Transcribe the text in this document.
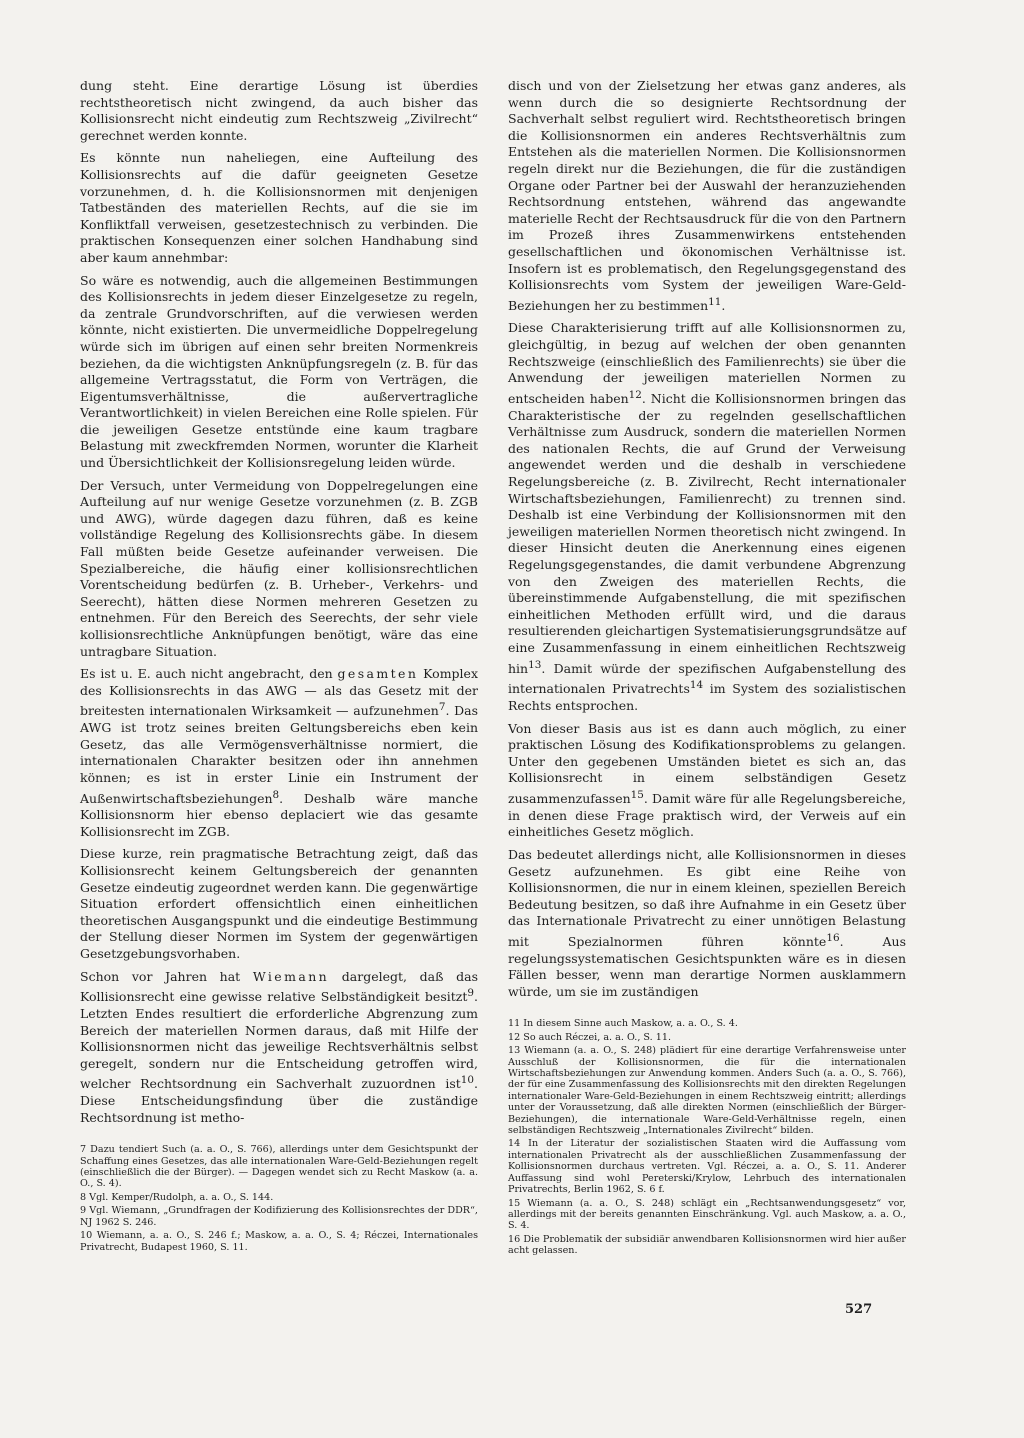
dung steht. Eine derartige Lösung ist überdies rechtstheoretisch nicht zwingend, da auch bisher das Kollisionsrecht nicht eindeutig zum Rechtszweig „Zivilrecht“ gerechnet werden konnte.

Es könnte nun naheliegen, eine Aufteilung des Kollisionsrechts auf die dafür geeigneten Gesetze vorzunehmen, d. h. die Kollisionsnormen mit denjenigen Tatbeständen des materiellen Rechts, auf die sie im Konfliktfall verweisen, gesetzestechnisch zu verbinden. Die praktischen Konsequenzen einer solchen Handhabung sind aber kaum annehmbar:

So wäre es notwendig, auch die allgemeinen Bestimmungen des Kollisionsrechts in jedem dieser Einzelgesetze zu regeln, da zentrale Grundvorschriften, auf die verwiesen werden könnte, nicht existierten. Die unvermeidliche Doppelregelung würde sich im übrigen auf einen sehr breiten Normenkreis beziehen, da die wichtigsten Anknüpfungsregeln (z. B. für das allgemeine Vertragsstatut, die Form von Verträgen, die Eigentumsverhältnisse, die außervertragliche Verantwortlichkeit) in vielen Bereichen eine Rolle spielen. Für die jeweiligen Gesetze entstünde eine kaum tragbare Belastung mit zweckfremden Normen, worunter die Klarheit und Übersichtlichkeit der Kollisionsregelung leiden würde.

Der Versuch, unter Vermeidung von Doppelregelungen eine Aufteilung auf nur wenige Gesetze vorzunehmen (z. B. ZGB und AWG), würde dagegen dazu führen, daß es keine vollständige Regelung des Kollisionsrechts gäbe. In diesem Fall müßten beide Gesetze aufeinander verweisen. Die Spezialbereiche, die häufig einer kollisionsrechtlichen Vorentscheidung bedürfen (z. B. Urheber-, Verkehrs- und Seerecht), hätten diese Normen mehreren Gesetzen zu entnehmen. Für den Bereich des Seerechts, der sehr viele kollisionsrechtliche Anknüpfungen benötigt, wäre das eine untragbare Situation.

Es ist u. E. auch nicht angebracht, den gesamten Komplex des Kollisionsrechts in das AWG — als das Gesetz mit der breitesten internationalen Wirksamkeit — aufzunehmen$^7$. Das AWG ist trotz seines breiten Geltungsbereichs eben kein Gesetz, das alle Vermögensverhältnisse normiert, die internationalen Charakter besitzen oder ihn annehmen können; es ist in erster Linie ein Instrument der Außenwirtschaftsbeziehungen$^8$. Deshalb wäre manche Kollisionsnorm hier ebenso deplaciert wie das gesamte Kollisionsrecht im ZGB.

Diese kurze, rein pragmatische Betrachtung zeigt, daß das Kollisionsrecht keinem Geltungsbereich der genannten Gesetze eindeutig zugeordnet werden kann. Die gegenwärtige Situation erfordert offensichtlich einen einheitlichen theoretischen Ausgangspunkt und die eindeutige Bestimmung der Stellung dieser Normen im System der gegenwärtigen Gesetzgebungsvorhaben.

Schon vor Jahren hat Wiemann dargelegt, daß das Kollisionsrecht eine gewisse relative Selbständigkeit besitzt$^9$. Letzten Endes resultiert die erforderliche Abgrenzung zum Bereich der materiellen Normen daraus, daß mit Hilfe der Kollisionsnormen nicht das jeweilige Rechtsverhältnis selbst geregelt, sondern nur die Entscheidung getroffen wird, welcher Rechtsordnung ein Sachverhalt zuzuordnen ist$^{10}$. Diese Entscheidungsfindung über die zuständige Rechtsordnung ist metho-

7 Dazu tendiert Such (a. a. O., S. 766), allerdings unter dem Gesichtspunkt der Schaffung eines Gesetzes, das alle internationalen Ware-Geld-Beziehungen regelt (einschließlich die der Bürger). — Dagegen wendet sich zu Recht Maskow (a. a. O., S. 4).

8 Vgl. Kemper/Rudolph, a. a. O., S. 144.

9 Vgl. Wiemann, „Grundfragen der Kodifizierung des Kollisionsrechtes der DDR“, NJ 1962 S. 246.

10 Wiemann, a. a. O., S. 246 f.; Maskow, a. a. O., S. 4; Réczei, Internationales Privatrecht, Budapest 1960, S. 11.

disch und von der Zielsetzung her etwas ganz anderes, als wenn durch die so designierte Rechtsordnung der Sachverhalt selbst reguliert wird. Rechtstheoretisch bringen die Kollisionsnormen ein anderes Rechtsverhältnis zum Entstehen als die materiellen Normen. Die Kollisionsnormen regeln direkt nur die Beziehungen, die für die zuständigen Organe oder Partner bei der Auswahl der heranzuziehenden Rechtsordnung entstehen, während das angewandte materielle Recht der Rechtsausdruck für die von den Partnern im Prozeß ihres Zusammenwirkens entstehenden gesellschaftlichen und ökonomischen Verhältnisse ist. Insofern ist es problematisch, den Regelungsgegenstand des Kollisionsrechts vom System der jeweiligen Ware-Geld-Beziehungen her zu bestimmen$^{11}$.

Diese Charakterisierung trifft auf alle Kollisionsnormen zu, gleichgültig, in bezug auf welchen der oben genannten Rechtszweige (einschließlich des Familienrechts) sie über die Anwendung der jeweiligen materiellen Normen zu entscheiden haben$^{12}$. Nicht die Kollisionsnormen bringen das Charakteristische der zu regelnden gesellschaftlichen Verhältnisse zum Ausdruck, sondern die materiellen Normen des nationalen Rechts, die auf Grund der Verweisung angewendet werden und die deshalb in verschiedene Regelungsbereiche (z. B. Zivilrecht, Recht internationaler Wirtschaftsbeziehungen, Familienrecht) zu trennen sind. Deshalb ist eine Verbindung der Kollisionsnormen mit den jeweiligen materiellen Normen theoretisch nicht zwingend. In dieser Hinsicht deuten die Anerkennung eines eigenen Regelungsgegenstandes, die damit verbundene Abgrenzung von den Zweigen des materiellen Rechts, die übereinstimmende Aufgabenstellung, die mit spezifischen einheitlichen Methoden erfüllt wird, und die daraus resultierenden gleichartigen Systematisierungsgrundsätze auf eine Zusammenfassung in einem einheitlichen Rechtszweig hin$^{13}$. Damit würde der spezifischen Aufgabenstellung des internationalen Privatrechts$^{14}$ im System des sozialistischen Rechts entsprochen.

Von dieser Basis aus ist es dann auch möglich, zu einer praktischen Lösung des Kodifikationsproblems zu gelangen. Unter den gegebenen Umständen bietet es sich an, das Kollisionsrecht in einem selbständigen Gesetz zusammenzufassen$^{15}$. Damit wäre für alle Regelungsbereiche, in denen diese Frage praktisch wird, der Verweis auf ein einheitliches Gesetz möglich.

Das bedeutet allerdings nicht, alle Kollisionsnormen in dieses Gesetz aufzunehmen. Es gibt eine Reihe von Kollisionsnormen, die nur in einem kleinen, speziellen Bereich Bedeutung besitzen, so daß ihre Aufnahme in ein Gesetz über das Internationale Privatrecht zu einer unnötigen Belastung mit Spezialnormen führen könnte$^{16}$. Aus regelungssystematischen Gesichtspunkten wäre es in diesen Fällen besser, wenn man derartige Normen ausklammern würde, um sie im zuständigen

11 In diesem Sinne auch Maskow, a. a. O., S. 4.

12 So auch Réczei, a. a. O., S. 11.

13 Wiemann (a. a. O., S. 248) plädiert für eine derartige Verfahrensweise unter Ausschluß der Kollisionsnormen, die für die internationalen Wirtschaftsbeziehungen zur Anwendung kommen. Anders Such (a. a. O., S. 766), der für eine Zusammenfassung des Kollisionsrechts mit den direkten Regelungen internationaler Ware-Geld-Beziehungen in einem Rechtszweig eintritt; allerdings unter der Voraussetzung, daß alle direkten Normen (einschließlich der Bürger-Beziehungen), die internationale Ware-Geld-Verhältnisse regeln, einen selbständigen Rechtszweig „Internationales Zivilrecht“ bilden.

14 In der Literatur der sozialistischen Staaten wird die Auffassung vom internationalen Privatrecht als der ausschließlichen Zusammenfassung der Kollisionsnormen durchaus vertreten. Vgl. Réczei, a. a. O., S. 11. Anderer Auffassung sind wohl Pereterski/Krylow, Lehrbuch des internationalen Privatrechts, Berlin 1962, S. 6 f.

15 Wiemann (a. a. O., S. 248) schlägt ein „Rechtsanwendungsgesetz“ vor, allerdings mit der bereits genannten Einschränkung. Vgl. auch Maskow, a. a. O., S. 4.

16 Die Problematik der subsidiär anwendbaren Kollisionsnormen wird hier außer acht gelassen.

527
